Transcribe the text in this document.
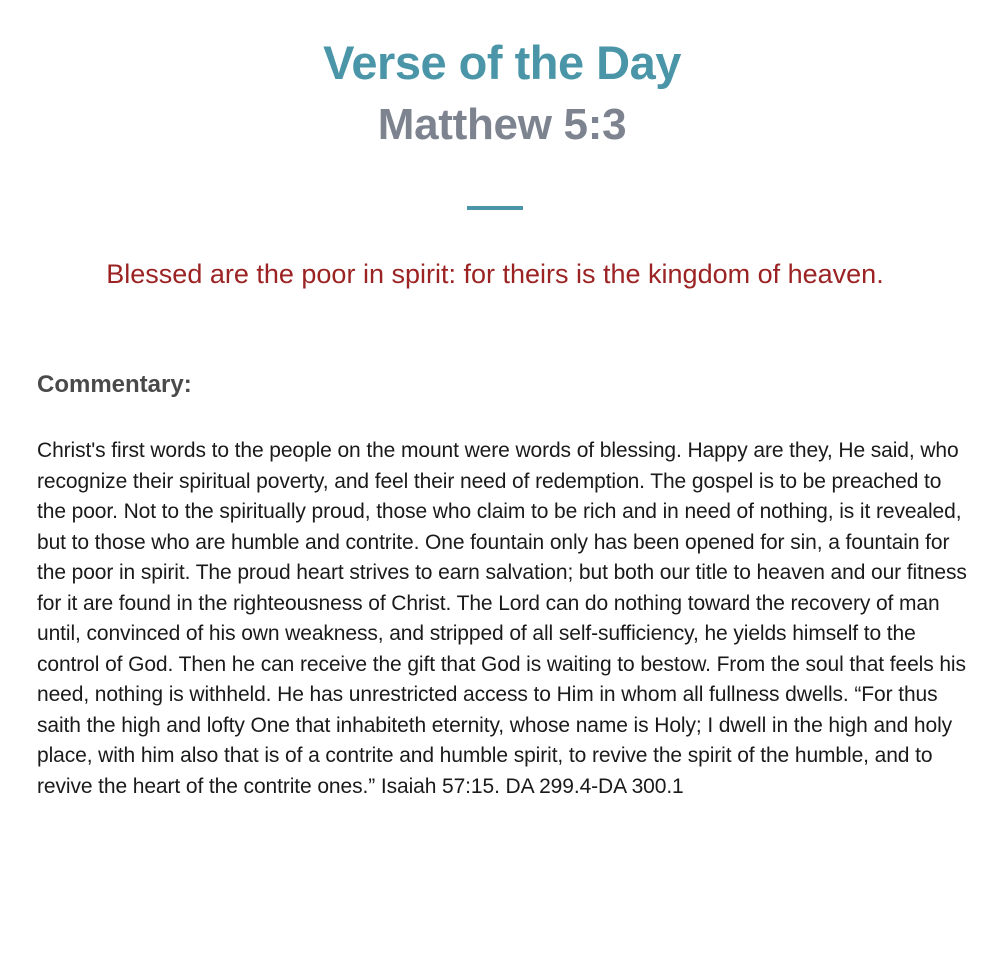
Verse of the Day
Matthew 5:3

Blessed are the poor in spirit: for theirs is the kingdom of heaven.

Commentary:

Christ's first words to the people on the mount were words of blessing. Happy are they, He said, who recognize their spiritual poverty, and feel their need of redemption. The gospel is to be preached to the poor. Not to the spiritually proud, those who claim to be rich and in need of nothing, is it revealed, but to those who are humble and contrite. One fountain only has been opened for sin, a fountain for the poor in spirit. The proud heart strives to earn salvation; but both our title to heaven and our fitness for it are found in the righteousness of Christ. The Lord can do nothing toward the recovery of man until, convinced of his own weakness, and stripped of all self-sufficiency, he yields himself to the control of God. Then he can receive the gift that God is waiting to bestow. From the soul that feels his need, nothing is withheld. He has unrestricted access to Him in whom all fullness dwells. “For thus saith the high and lofty One that inhabiteth eternity, whose name is Holy; I dwell in the high and holy place, with him also that is of a contrite and humble spirit, to revive the spirit of the humble, and to revive the heart of the contrite ones.” Isaiah 57:15. DA 299.4-DA 300.1
